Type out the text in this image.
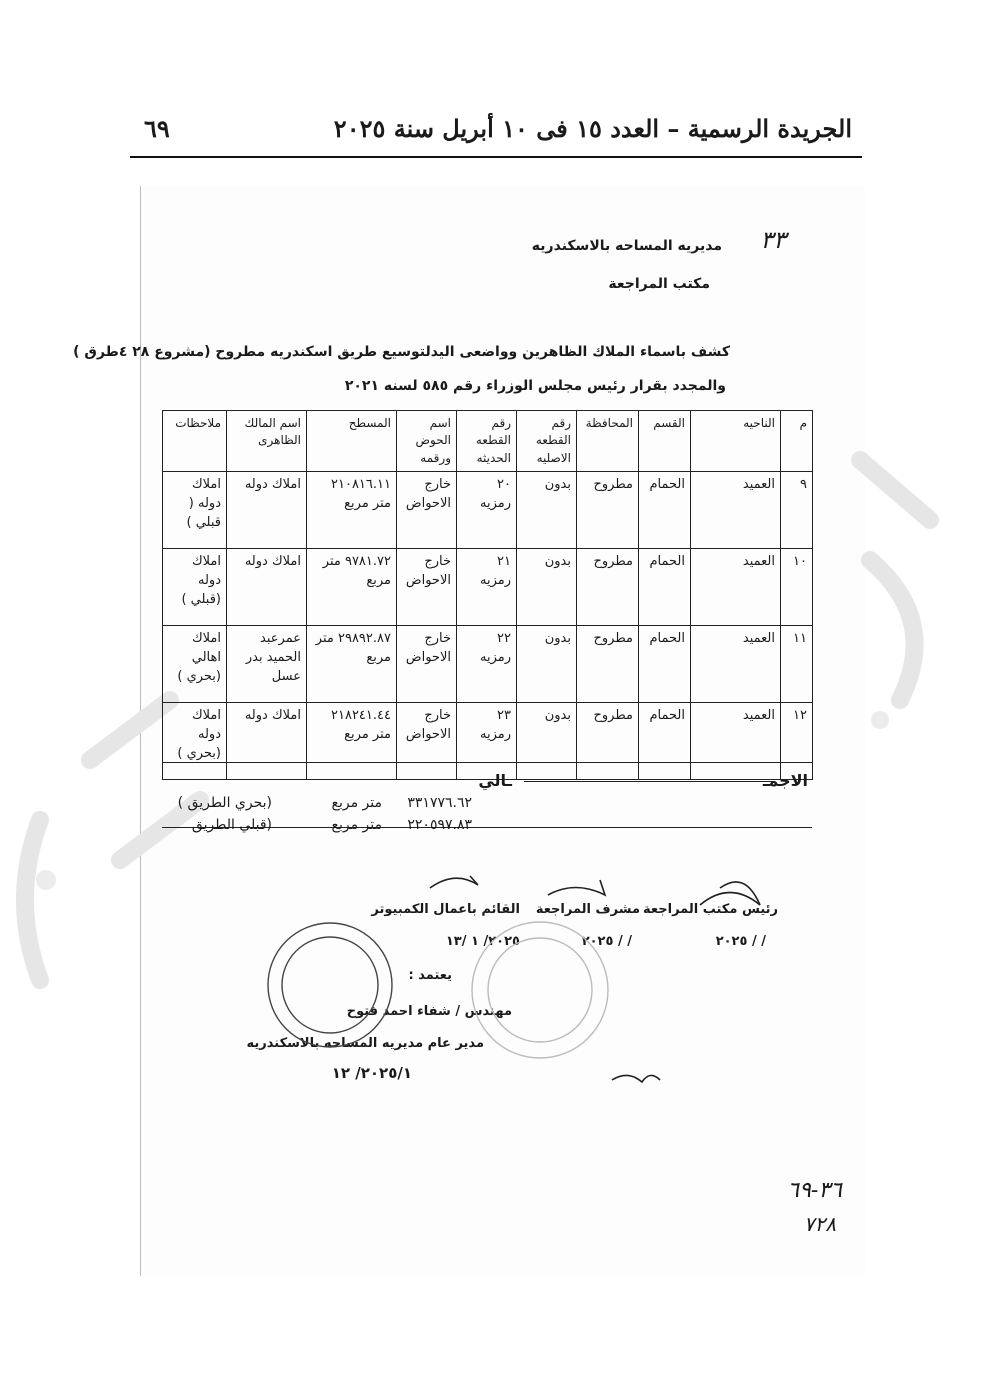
الجريدة الرسمية – العدد ١٥ فى ١٠ أبريل سنة ٢٠٢٥
٦٩
٣٣
مديريه المساحه بالاسكندريه
مكتب المراجعة
كشف باسماء الملاك الظاهرين وواضعى اليدلتوسيع طريق اسكندريه مطروح (مشروع ٢٨ ٤طرق )
والمجدد بقرار رئيس مجلس الوزراء رقم ٥٨٥ لسنه ٢٠٢١
م	الناحيه	القسم	المحافظة	رقم القطعه الاصليه	رقم القطعه الحديثه	اسم الحوض ورقمه	المسطح	اسم المالك الظاهرى	ملاحظات
٩	العميد	الحمام	مطروح	بدون	٢٠ رمزيه	خارج الاحواض	٢١٠٨١٦.١١ متر مربع	املاك دوله	املاك دوله ( قبلي )
١٠	العميد	الحمام	مطروح	بدون	٢١ رمزيه	خارج الاحواض	٩٧٨١.٧٢ متر مربع	املاك دوله	املاك دوله (قبلي )
١١	العميد	الحمام	مطروح	بدون	٢٢ رمزيه	خارج الاحواض	٢٩٨٩٢.٨٧ متر مربع	عمرعبد الحميد بدر عسل	املاك اهالي (بحري )
١٢	العميد	الحمام	مطروح	بدون	٢٣ رمزيه	خارج الاحواض	٢١٨٢٤١.٤٤ متر مربع	املاك دوله	املاك دوله (بحري )
الاجمـ
ـالي
٣٣١٧٧٦.٦٢
متر مربع
(بحري الطريق )
٢٢٠٥٩٧.٨٣
متر مربع
(قبلي الطريق
رئيس مكتب المراجعة
مشرف المراجعة
القائم باعمال الكمبيوتر
/ / ٢٠٢٥
/ / ٢٠٢٥
٢٠٢٥/ ١ /١٣
يعتمد :
مهندس / شفاء احمد فتوح
مدير عام مديريه المساحه بالاسكندريه
٢٠٢٥/١/ ١٢
٣٦-٦٩
٧٢٨
